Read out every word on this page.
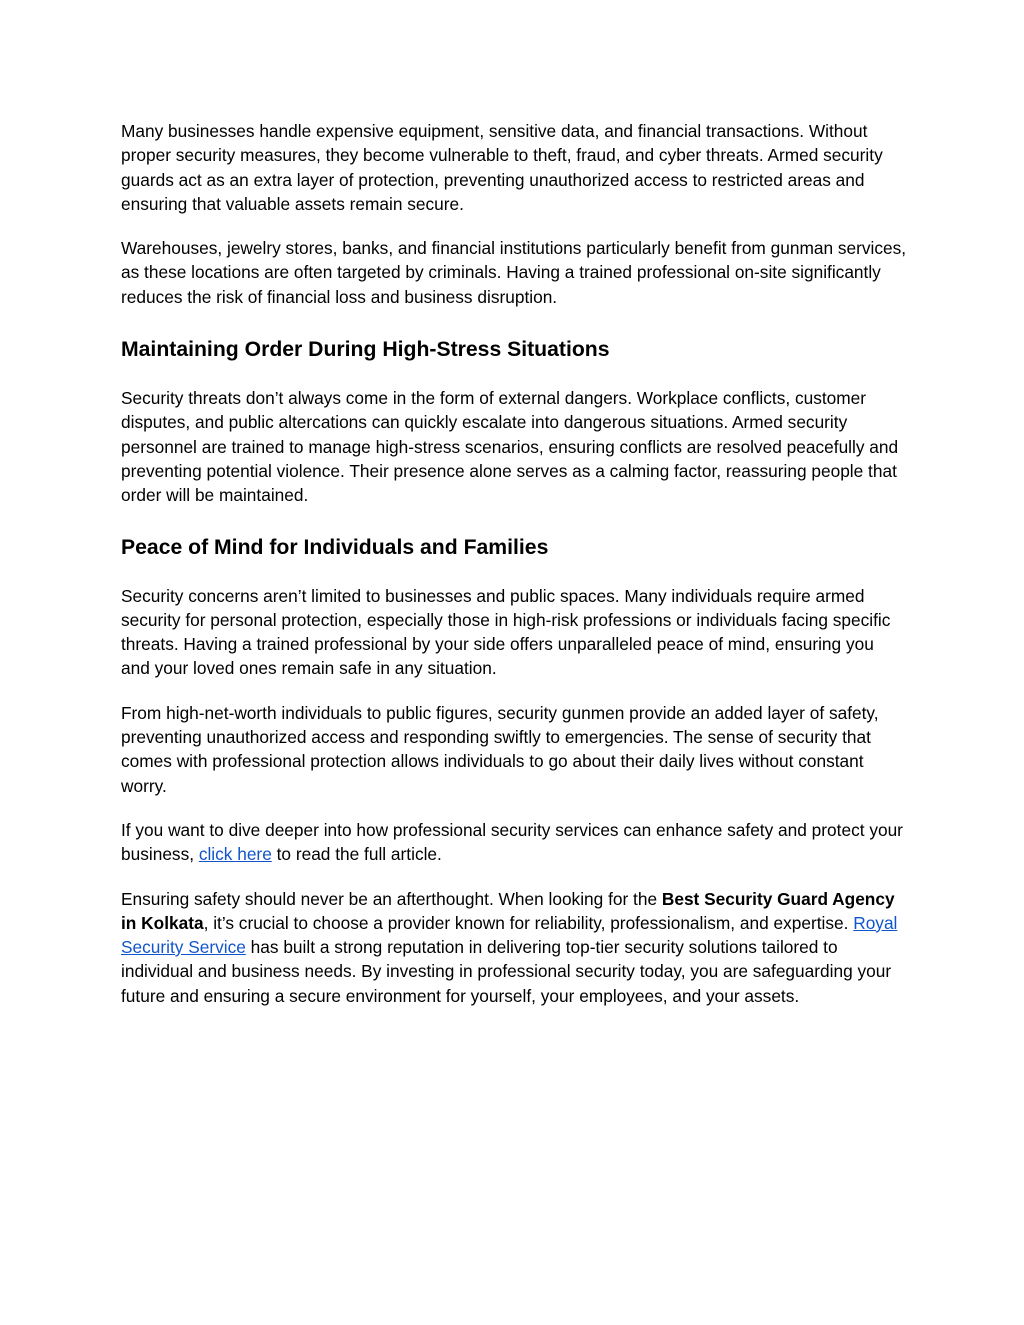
Many businesses handle expensive equipment, sensitive data, and financial transactions. Without proper security measures, they become vulnerable to theft, fraud, and cyber threats. Armed security guards act as an extra layer of protection, preventing unauthorized access to restricted areas and ensuring that valuable assets remain secure.

Warehouses, jewelry stores, banks, and financial institutions particularly benefit from gunman services, as these locations are often targeted by criminals. Having a trained professional on-site significantly reduces the risk of financial loss and business disruption.

Maintaining Order During High-Stress Situations

Security threats don’t always come in the form of external dangers. Workplace conflicts, customer disputes, and public altercations can quickly escalate into dangerous situations. Armed security personnel are trained to manage high-stress scenarios, ensuring conflicts are resolved peacefully and preventing potential violence. Their presence alone serves as a calming factor, reassuring people that order will be maintained.

Peace of Mind for Individuals and Families

Security concerns aren’t limited to businesses and public spaces. Many individuals require armed security for personal protection, especially those in high-risk professions or individuals facing specific threats. Having a trained professional by your side offers unparalleled peace of mind, ensuring you and your loved ones remain safe in any situation.

From high-net-worth individuals to public figures, security gunmen provide an added layer of safety, preventing unauthorized access and responding swiftly to emergencies. The sense of security that comes with professional protection allows individuals to go about their daily lives without constant worry.

If you want to dive deeper into how professional security services can enhance safety and protect your business, click here to read the full article.

Ensuring safety should never be an afterthought. When looking for the Best Security Guard Agency in Kolkata, it’s crucial to choose a provider known for reliability, professionalism, and expertise. Royal Security Service has built a strong reputation in delivering top-tier security solutions tailored to individual and business needs. By investing in professional security today, you are safeguarding your future and ensuring a secure environment for yourself, your employees, and your assets.
